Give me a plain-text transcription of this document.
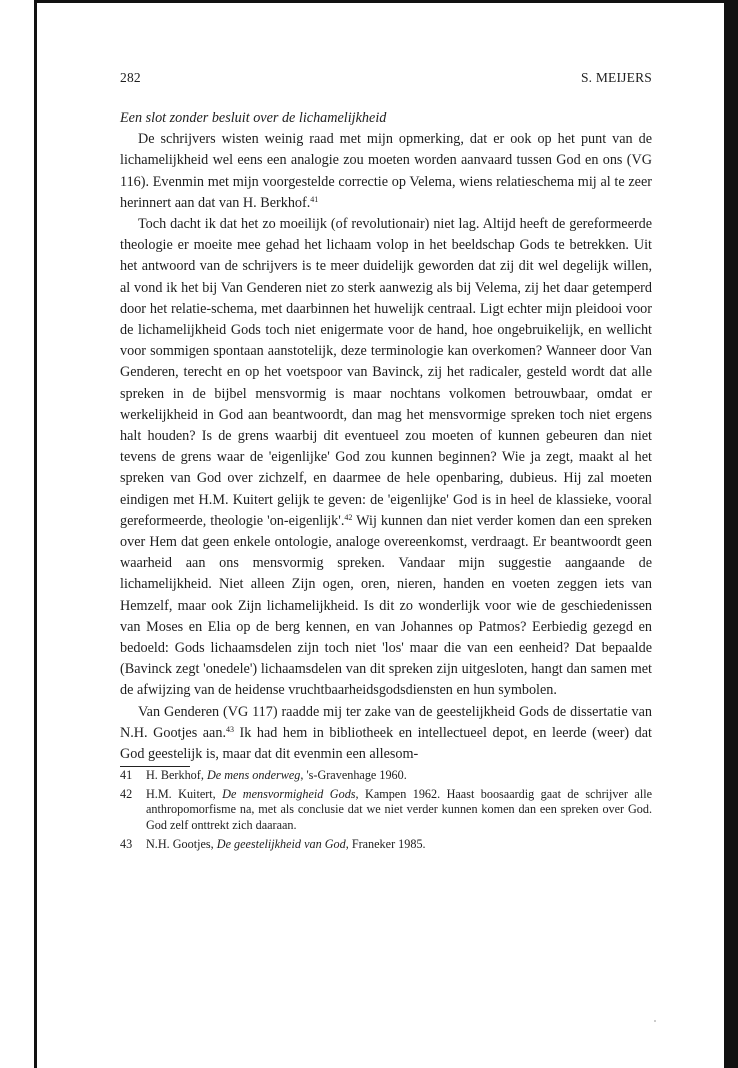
282	S. MEIJERS
Een slot zonder besluit over de lichamelijkheid

De schrijvers wisten weinig raad met mijn opmerking, dat er ook op het punt van de lichamelijkheid wel eens een analogie zou moeten worden aanvaard tussen God en ons (VG 116). Evenmin met mijn voorgestelde correctie op Velema, wiens relatieschema mij al te zeer herinnert aan dat van H. Berkhof.$^{41}$

Toch dacht ik dat het zo moeilijk (of revolutionair) niet lag. Altijd heeft de gereformeerde theologie er moeite mee gehad het lichaam volop in het beeldschap Gods te betrekken. Uit het antwoord van de schrijvers is te meer duidelijk geworden dat zij dit wel degelijk willen, al vond ik het bij Van Genderen niet zo sterk aanwezig als bij Velema, zij het daar getemperd door het relatie-schema, met daarbinnen het huwelijk centraal. Ligt echter mijn pleidooi voor de lichamelijkheid Gods toch niet enigermate voor de hand, hoe ongebruikelijk, en wellicht voor sommigen spontaan aanstotelijk, deze terminologie kan overkomen? Wanneer door Van Genderen, terecht en op het voetspoor van Bavinck, zij het radicaler, gesteld wordt dat alle spreken in de bijbel mensvormig is maar nochtans volkomen betrouwbaar, omdat er werkelijkheid in God aan beantwoordt, dan mag het mensvormige spreken toch niet ergens halt houden? Is de grens waarbij dit eventueel zou moeten of kunnen gebeuren dan niet tevens de grens waar de 'eigenlijke' God zou kunnen beginnen? Wie ja zegt, maakt al het spreken van God over zichzelf, en daarmee de hele openbaring, dubieus. Hij zal moeten eindigen met H.M. Kuitert gelijk te geven: de 'eigenlijke' God is in heel de klassieke, vooral gereformeerde, theologie 'on-eigenlijk'.$^{42}$ Wij kunnen dan niet verder komen dan een spreken over Hem dat geen enkele ontologie, analoge overeenkomst, verdraagt. Er beantwoordt geen waarheid aan ons mensvormig spreken. Vandaar mijn suggestie aangaande de lichamelijkheid. Niet alleen Zijn ogen, oren, nieren, handen en voeten zeggen iets van Hemzelf, maar ook Zijn lichamelijkheid. Is dit zo wonderlijk voor wie de geschiedenissen van Moses en Elia op de berg kennen, en van Johannes op Patmos? Eerbiedig gezegd en bedoeld: Gods lichaamsdelen zijn toch niet 'los' maar die van een eenheid? Dat bepaalde (Bavinck zegt 'onedele') lichaamsdelen van dit spreken zijn uitgesloten, hangt dan samen met de afwijzing van de heidense vruchtbaarheidsgodsdiensten en hun symbolen.

Van Genderen (VG 117) raadde mij ter zake van de geestelijkheid Gods de dissertatie van N.H. Gootjes aan.$^{43}$ Ik had hem in bibliotheek en intellectueel depot, en leerde (weer) dat God geestelijk is, maar dat dit evenmin een allesom-

41	H. Berkhof, De mens onderweg, 's-Gravenhage 1960.
42	H.M. Kuitert, De mensvormigheid Gods, Kampen 1962. Haast boosaardig gaat de schrijver alle anthropomorfisme na, met als conclusie dat we niet verder kunnen komen dan een spreken over God. God zelf onttrekt zich daaraan.
43	N.H. Gootjes, De geestelijkheid van God, Franeker 1985.
